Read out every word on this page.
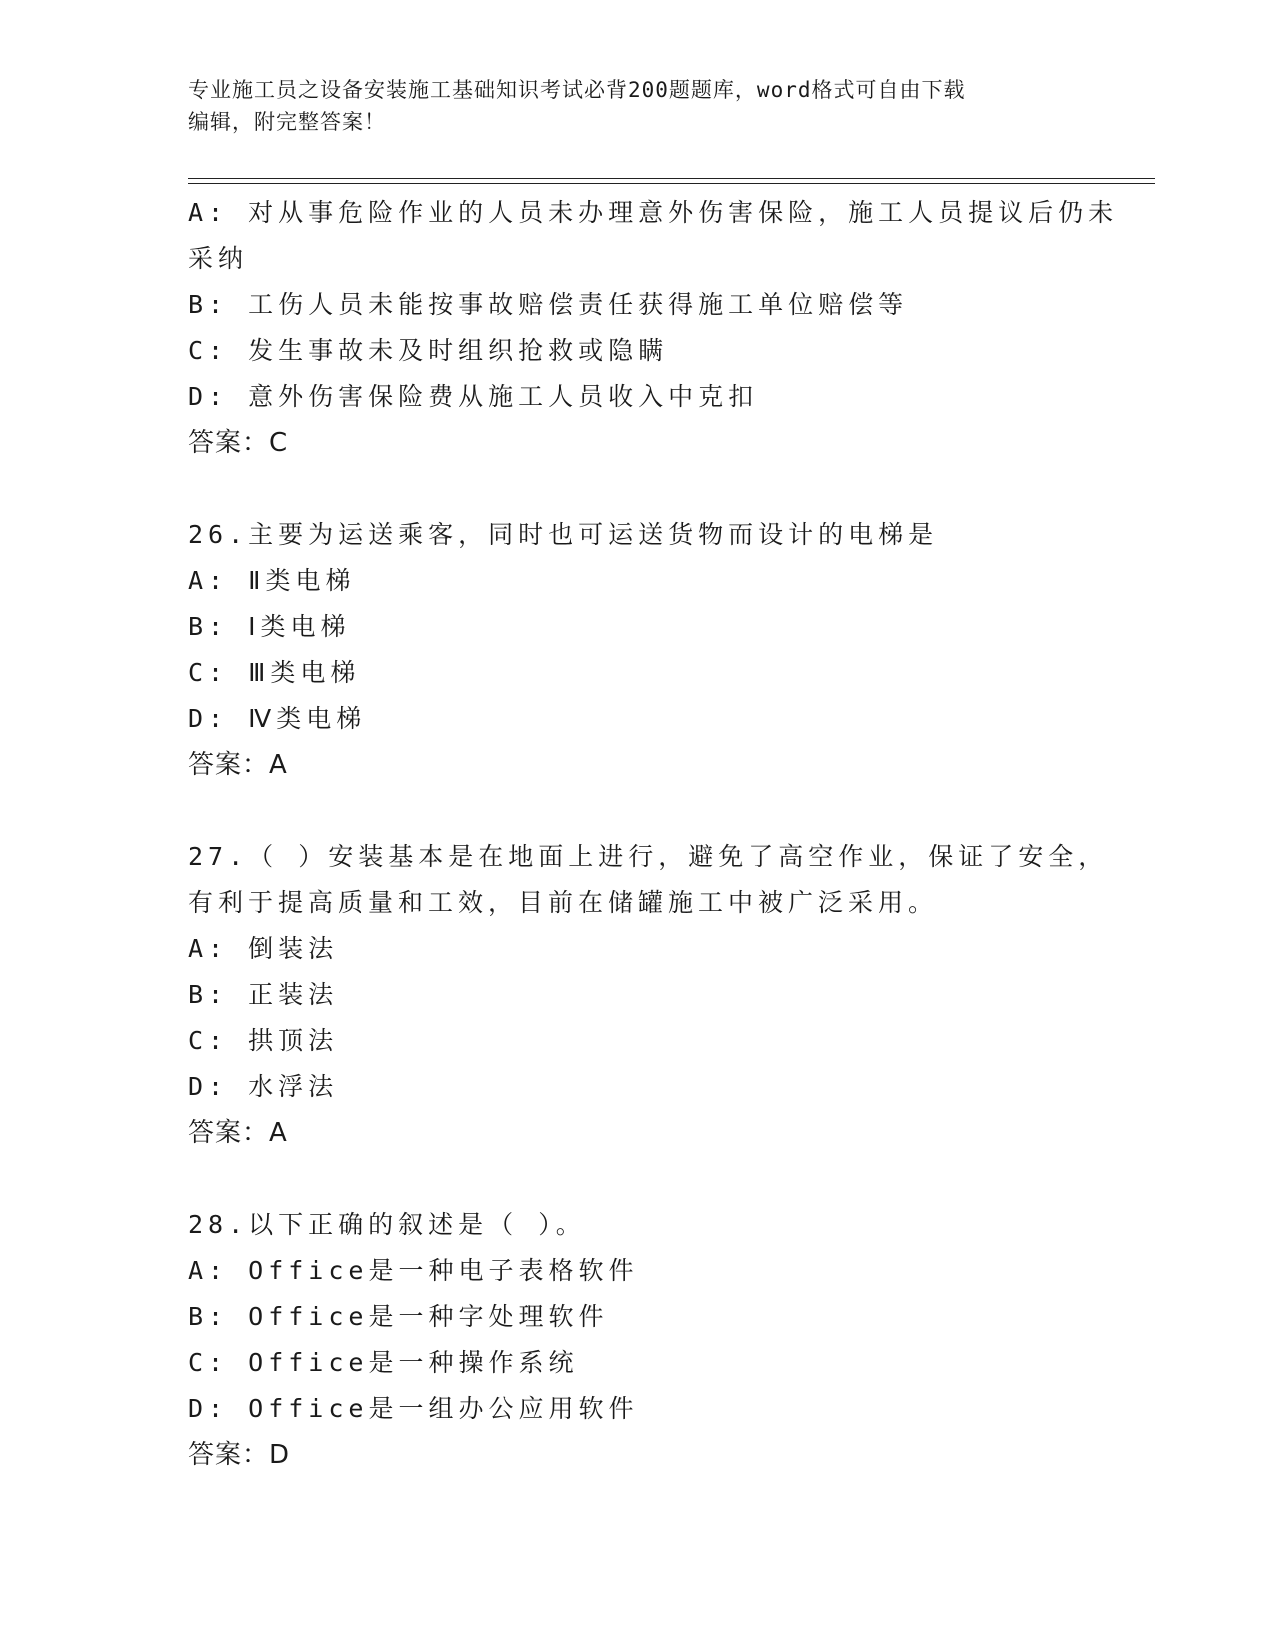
专业施工员之设备安装施工基础知识考试必背200题题库，word格式可自由下载
编辑，附完整答案！
A: 对从事危险作业的人员未办理意外伤害保险，施工人员提议后仍未
采纳
B: 工伤人员未能按事故赔偿责任获得施工单位赔偿等
C: 发生事故未及时组织抢救或隐瞒
D: 意外伤害保险费从施工人员收入中克扣
答案：C
26.主要为运送乘客，同时也可运送货物而设计的电梯是
A: Ⅱ类电梯
B: Ⅰ类电梯
C: Ⅲ类电梯
D: Ⅳ类电梯
答案：A
27.（ ）安装基本是在地面上进行，避免了高空作业，保证了安全，
有利于提高质量和工效，目前在储罐施工中被广泛采用。
A: 倒装法
B: 正装法
C: 拱顶法
D: 水浮法
答案：A
28.以下正确的叙述是（ ）。
A: Office是一种电子表格软件
B: Office是一种字处理软件
C: Office是一种操作系统
D: Office是一组办公应用软件
答案：D
